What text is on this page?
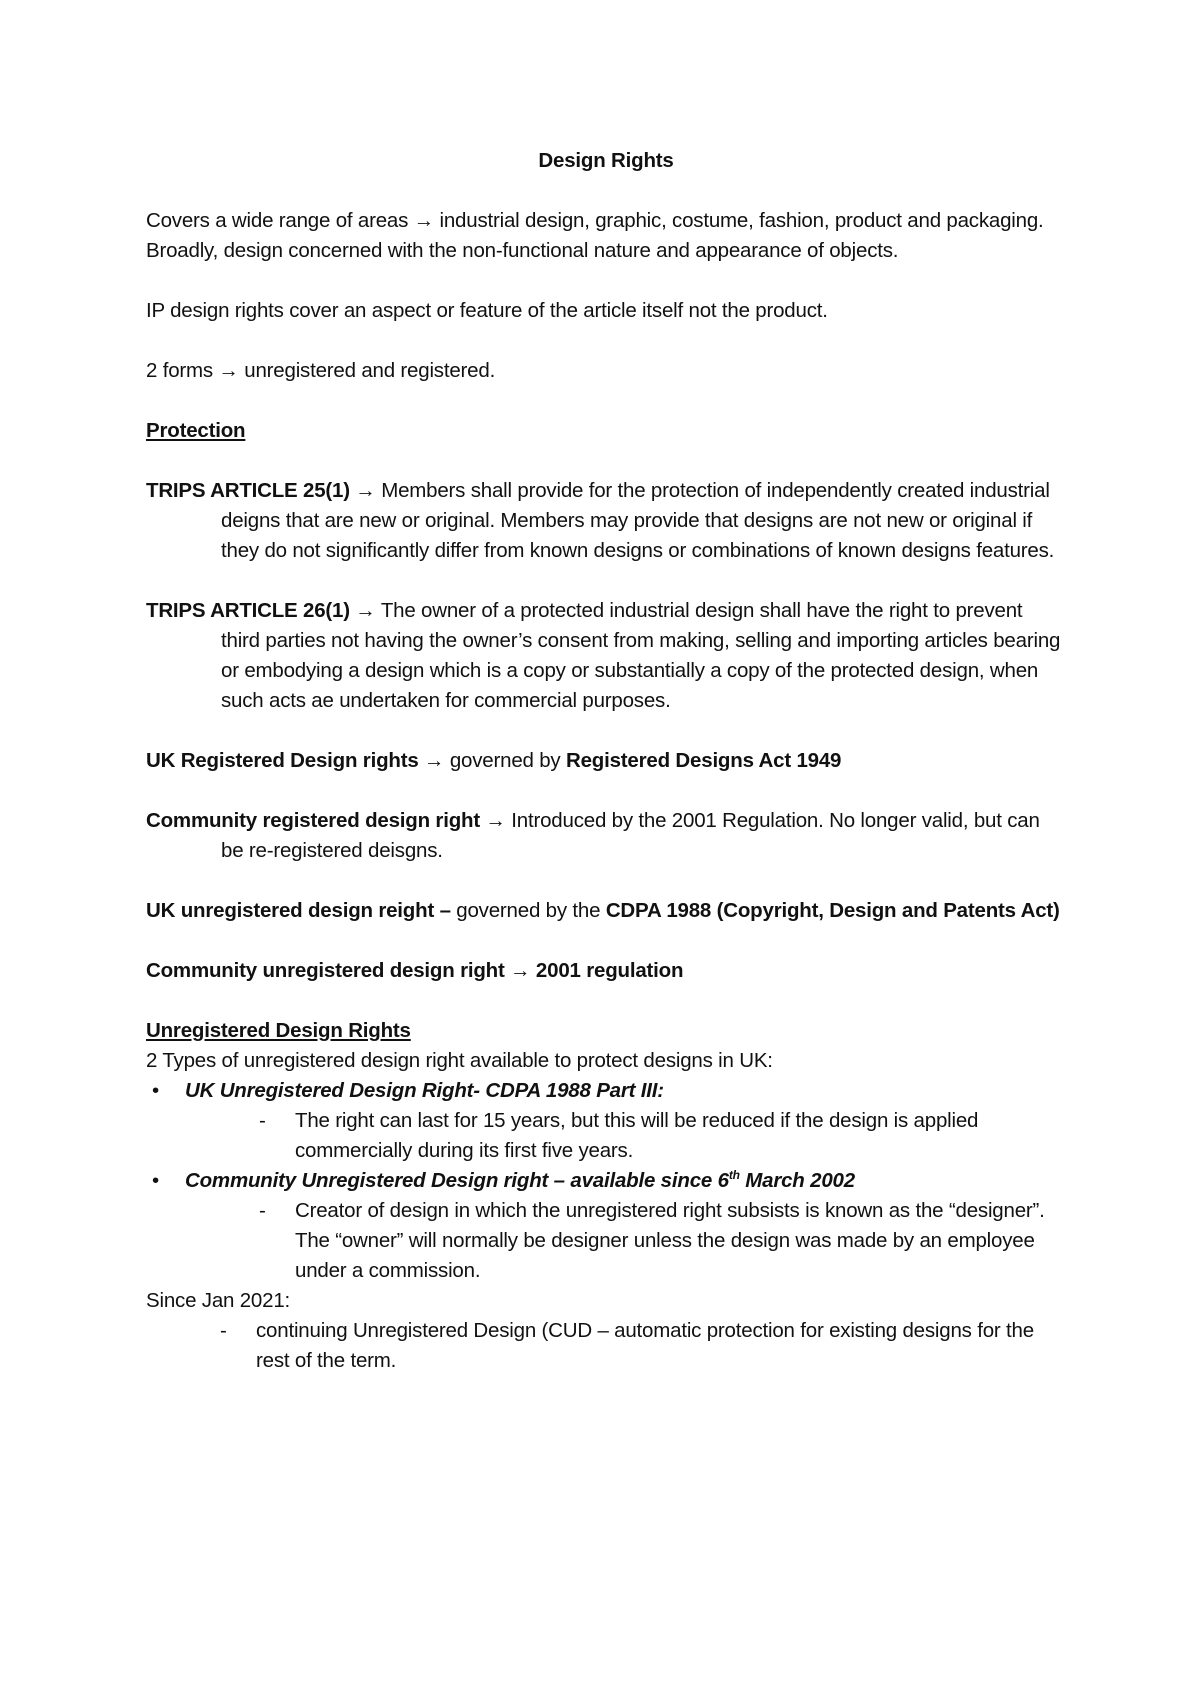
Design Rights

Covers a wide range of areas → industrial design, graphic, costume, fashion, product and packaging. Broadly, design concerned with the non-functional nature and appearance of objects.

IP design rights cover an aspect or feature of the article itself not the product.

2 forms → unregistered and registered.

Protection

TRIPS ARTICLE 25(1) → Members shall provide for the protection of independently created industrial deigns that are new or original. Members may provide that designs are not new or original if they do not significantly differ from known designs or combinations of known designs features.

TRIPS ARTICLE 26(1) → The owner of a protected industrial design shall have the right to prevent third parties not having the owner’s consent from making, selling and importing articles bearing or embodying a design which is a copy or substantially a copy of the protected design, when such acts ae undertaken for commercial purposes.

UK Registered Design rights → governed by Registered Designs Act 1949

Community registered design right → Introduced by the 2001 Regulation. No longer valid, but can be re-registered deisgns.

UK unregistered design reight – governed by the CDPA 1988 (Copyright, Design and Patents Act)

Community unregistered design right → 2001 regulation

Unregistered Design Rights

2 Types of unregistered design right available to protect designs in UK:

• UK Unregistered Design Right- CDPA 1988 Part III:
- The right can last for 15 years, but this will be reduced if the design is applied commercially during its first five years.
• Community Unregistered Design right – available since 6th March 2002
- Creator of design in which the unregistered right subsists is known as the “designer”. The “owner” will normally be designer unless the design was made by an employee under a commission.

Since Jan 2021:

- continuing Unregistered Design (CUD – automatic protection for existing designs for the rest of the term.
